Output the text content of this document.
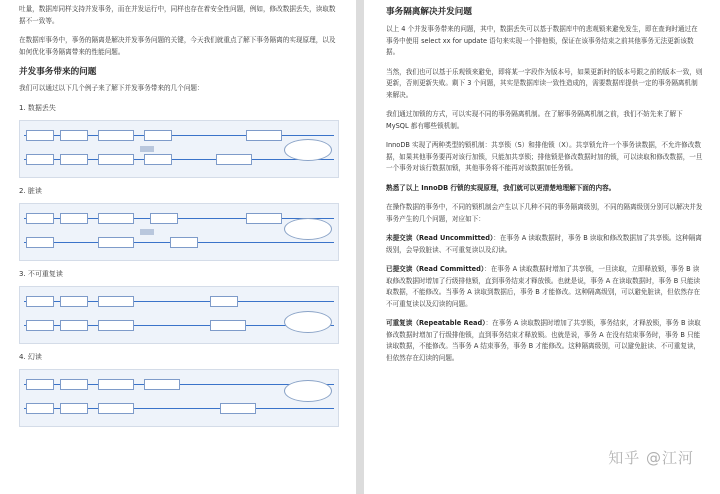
吐量，数据库同样支持并发事务，而在并发运行中，同样也存在着安全性问题，例如，修改数据丢失，读取数据不一致等。

在数据库事务中，事务的隔离是解决并发事务问题的关键，今天我们就重点了解下事务隔离的实现原理，以及如何优化事务隔离带来的性能问题。

并发事务带来的问题

我们可以通过以下几个例子来了解下并发事务带来的几个问题：

1. 数据丢失

2. 脏读

3. 不可重复读

4. 幻读

事务隔离解决并发问题

以上 4 个并发事务带来的问题，其中，数据丢失可以基于数据库中的悲观锁来避免发生，即在查询时通过在事务中使用 select xx for update 语句来实现一个排他锁，保证在该事务结束之前其他事务无法更新该数据。

当然，我们也可以基于乐观锁来避免，即将某一字段作为版本号，如果更新时的版本号跟之前的版本一致，则更新，否则更新失败。剩下 3 个问题，其实是数据库读一致性造成的，需要数据库提供一定的事务隔离机制来解决。

我们通过加锁的方式，可以实现不同的事务隔离机制。在了解事务隔离机制之前，我们不妨先来了解下 MySQL 都有哪些锁机制。

InnoDB 实现了两种类型的锁机制：共享锁（S）和排他锁（X）。共享锁允许一个事务读数据，不允许修改数据，如果其他事务要再对该行加锁，只能加共享锁；排他锁是修改数据时加的锁，可以读取和修改数据，一旦一个事务对该行数据加锁，其他事务将不能再对该数据加任务锁。

熟悉了以上 InnoDB 行锁的实现原理，我们就可以更清楚地理解下面的内容。

在操作数据的事务中，不同的锁机制会产生以下几种不同的事务隔离级别，不同的隔离级别分别可以解决并发事务产生的几个问题，对应如下：

未提交读（Read Uncommitted）：在事务 A 读取数据时，事务 B 读取和修改数据加了共享锁。这种隔离级别，会导致脏读、不可重复读以及幻读。

已提交读（Read Committed）：在事务 A 读取数据时增加了共享锁，一旦读取，立即释放锁，事务 B 读取修改数据时增加了行级排他锁，直到事务结束才释放锁。也就是说，事务 A 在读取数据时，事务 B 只能读取数据，不能修改。当事务 A 读取到数据后，事务 B 才能修改。这种隔离级别，可以避免脏读，但依然存在不可重复读以及幻读的问题。

可重复读（Repeatable Read）：在事务 A 读取数据时增加了共享锁，事务结束，才释放锁，事务 B 读取修改数据时增加了行级排他锁，直到事务结束才释放锁。也就是说，事务 A 在没有结束事务时，事务 B 只能读取数据，不能修改。当事务 A 结束事务，事务 B 才能修改。这种隔离级别，可以避免脏读、不可重复读，但依然存在幻读的问题。

知乎 @江河
